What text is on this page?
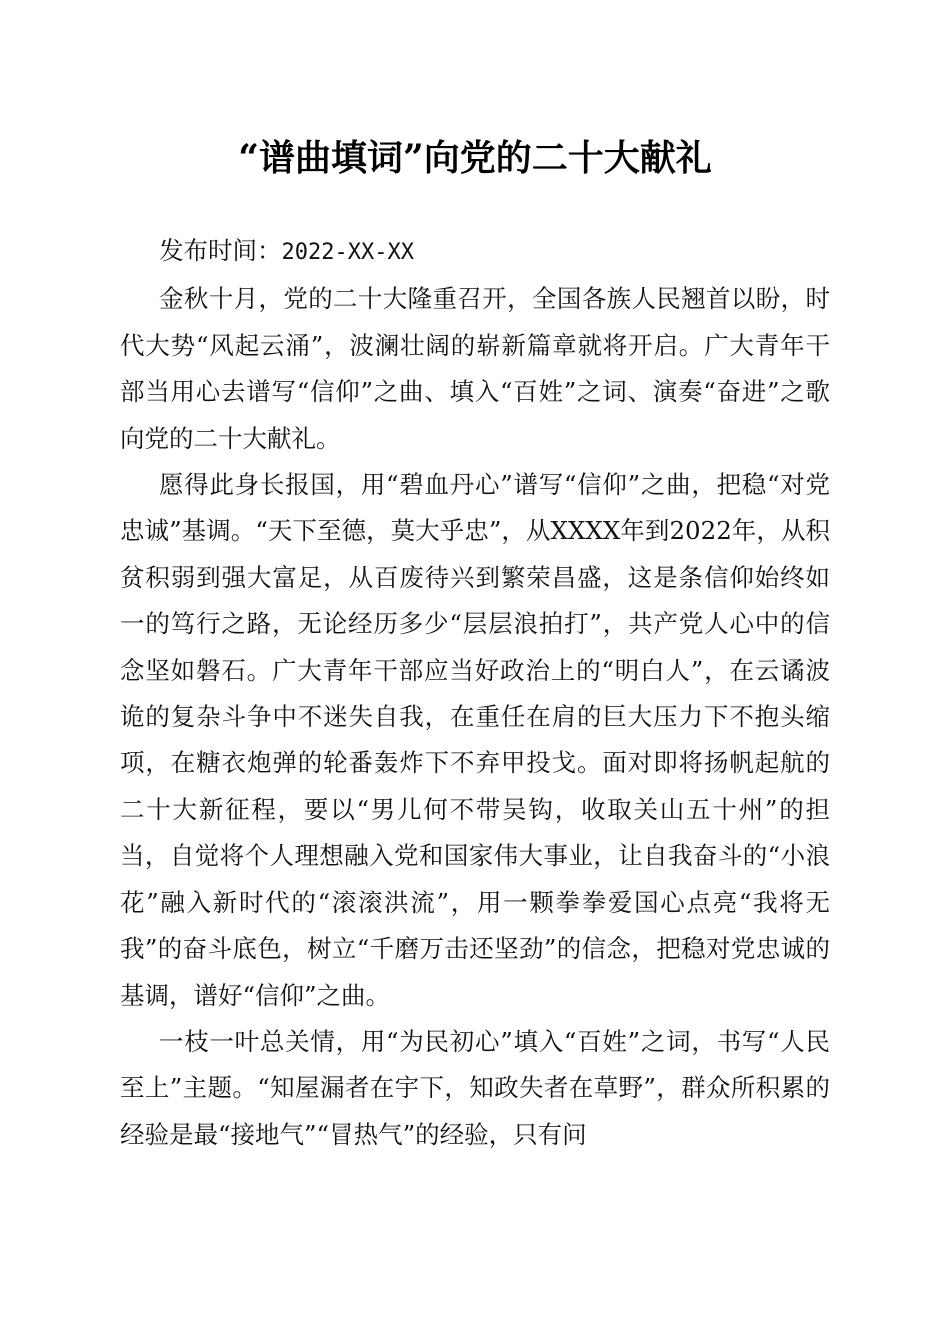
“谱曲填词”向党的二十大献礼

发布时间：2022-XX-XX

金秋十月，党的二十大隆重召开，全国各族人民翘首以盼，时代大势“风起云涌”，波澜壮阔的崭新篇章就将开启。广大青年干部当用心去谱写“信仰”之曲、填入“百姓”之词、演奏“奋进”之歌向党的二十大献礼。

愿得此身长报国，用“碧血丹心”谱写“信仰”之曲，把稳“对党忠诚”基调。“天下至德，莫大乎忠”，从XXXX年到2022年，从积贫积弱到强大富足，从百废待兴到繁荣昌盛，这是条信仰始终如一的笃行之路，无论经历多少“层层浪拍打”，共产党人心中的信念坚如磐石。广大青年干部应当好政治上的“明白人”，在云谲波诡的复杂斗争中不迷失自我，在重任在肩的巨大压力下不抱头缩项，在糖衣炮弹的轮番轰炸下不弃甲投戈。面对即将扬帆起航的二十大新征程，要以“男儿何不带吴钩，收取关山五十州”的担当，自觉将个人理想融入党和国家伟大事业，让自我奋斗的“小浪花”融入新时代的“滚滚洪流”，用一颗拳拳爱国心点亮“我将无我”的奋斗底色，树立“千磨万击还坚劲”的信念，把稳对党忠诚的基调，谱好“信仰”之曲。

一枝一叶总关情，用“为民初心”填入“百姓”之词，书写“人民至上”主题。“知屋漏者在宇下，知政失者在草野”，群众所积累的经验是最“接地气”“冒热气”的经验，只有问
